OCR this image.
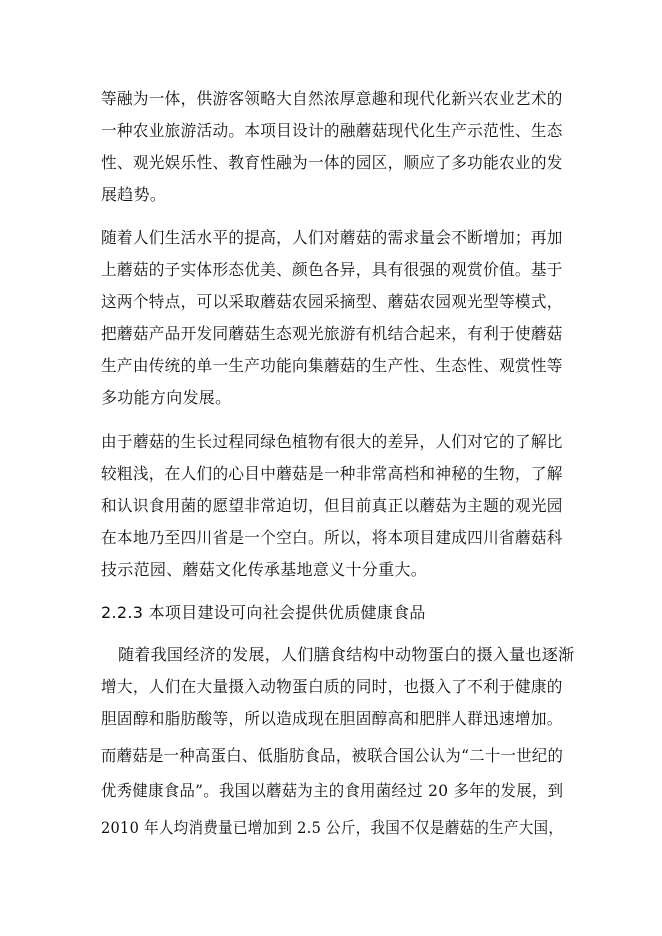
等融为一体，供游客领略大自然浓厚意趣和现代化新兴农业艺术的
一种农业旅游活动。本项目设计的融蘑菇现代化生产示范性、生态
性、观光娱乐性、教育性融为一体的园区，顺应了多功能农业的发
展趋势。
随着人们生活水平的提高，人们对蘑菇的需求量会不断增加；再加
上蘑菇的子实体形态优美、颜色各异，具有很强的观赏价值。基于
这两个特点，可以采取蘑菇农园采摘型、蘑菇农园观光型等模式，
把蘑菇产品开发同蘑菇生态观光旅游有机结合起来，有利于使蘑菇
生产由传统的单一生产功能向集蘑菇的生产性、生态性、观赏性等
多功能方向发展。
由于蘑菇的生长过程同绿色植物有很大的差异，人们对它的了解比
较粗浅，在人们的心目中蘑菇是一种非常高档和神秘的生物，了解
和认识食用菌的愿望非常迫切，但目前真正以蘑菇为主题的观光园
在本地乃至四川省是一个空白。所以，将本项目建成四川省蘑菇科
技示范园、蘑菇文化传承基地意义十分重大。
2.2.3 本项目建设可向社会提供优质健康食品
随着我国经济的发展，人们膳食结构中动物蛋白的摄入量也逐渐
增大，人们在大量摄入动物蛋白质的同时，也摄入了不利于健康的
胆固醇和脂肪酸等，所以造成现在胆固醇高和肥胖人群迅速增加。
而蘑菇是一种高蛋白、低脂肪食品，被联合国公认为“二十一世纪的
优秀健康食品”。我国以蘑菇为主的食用菌经过 20 多年的发展，到
2010 年人均消费量已增加到 2.5 公斤，我国不仅是蘑菇的生产大国，
